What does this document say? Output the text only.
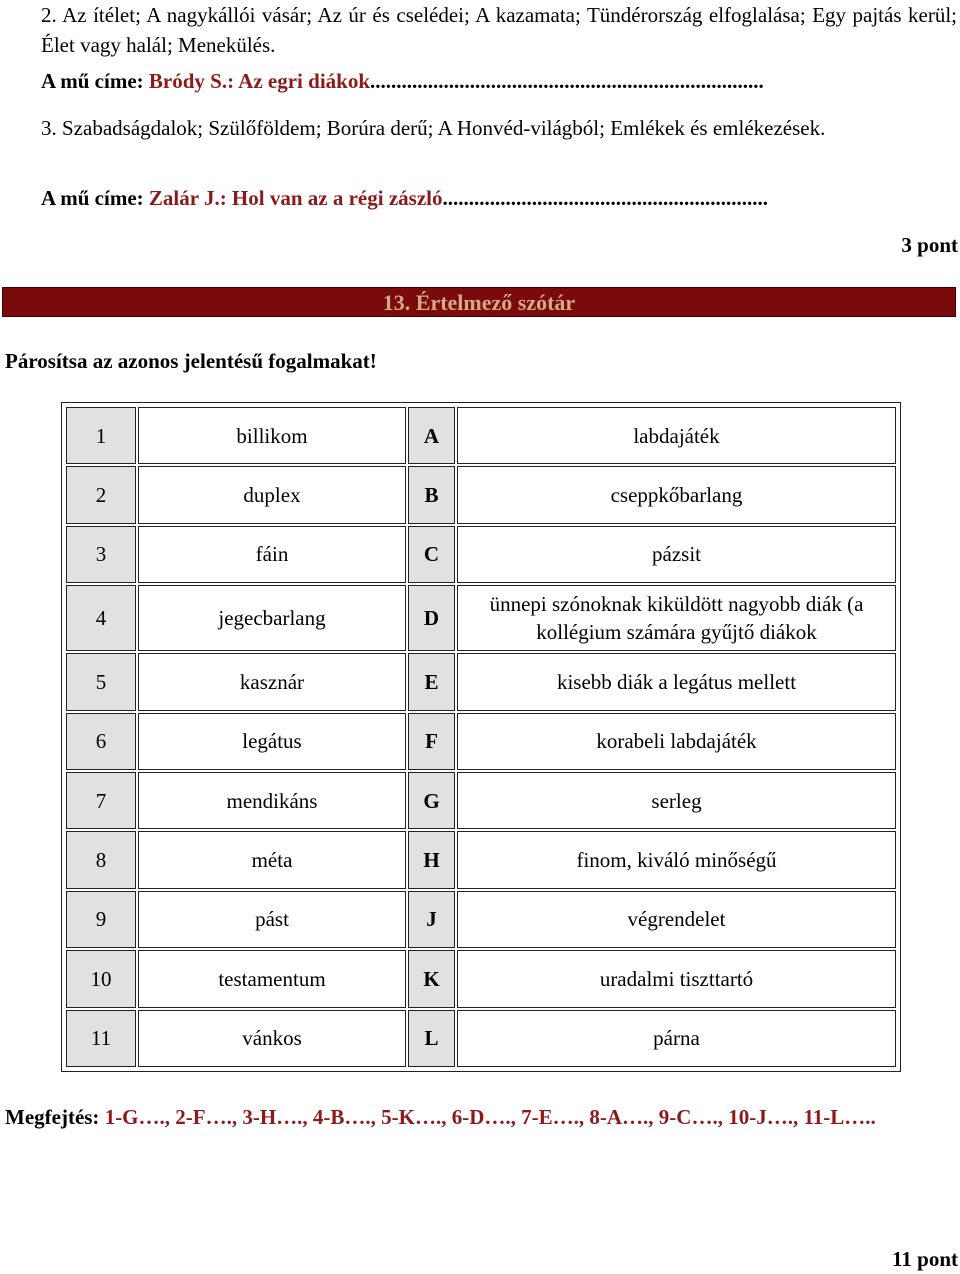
2. Az ítélet; A nagykállói vásár; Az úr és cselédei; A kazamata; Tündérország elfoglalása; Egy pajtás kerül; Élet vagy halál; Menekülés.

A mű címe: Bródy S.: Az egri diákok...........................................................................

3. Szabadságdalok; Szülőföldem; Borúra derű; A Honvéd-világból; Emlékek és emlékezések.

A mű címe: Zalár J.: Hol van az a régi zászló..............................................................

3 pont

13. Értelmező szótár

Párosítsa az azonos jelentésű fogalmakat!

1	billikom	A	labdajáték
2	duplex	B	cseppkőbarlang
3	fáin	C	pázsit
4	jegecbarlang	D	ünnepi szónoknak kiküldött nagyobb diák (a kollégium számára gyűjtő diákok
5	kasznár	E	kisebb diák a legátus mellett
6	legátus	F	korabeli labdajáték
7	mendikáns	G	serleg
8	méta	H	finom, kiváló minőségű
9	pást	J	végrendelet
10	testamentum	K	uradalmi tiszttartó
11	vánkos	L	párna
Megfejtés: 1-G…., 2-F…., 3-H…., 4-B…., 5-K…., 6-D…., 7-E…., 8-A…., 9-C…., 10-J…., 11-L…..

11 pont
